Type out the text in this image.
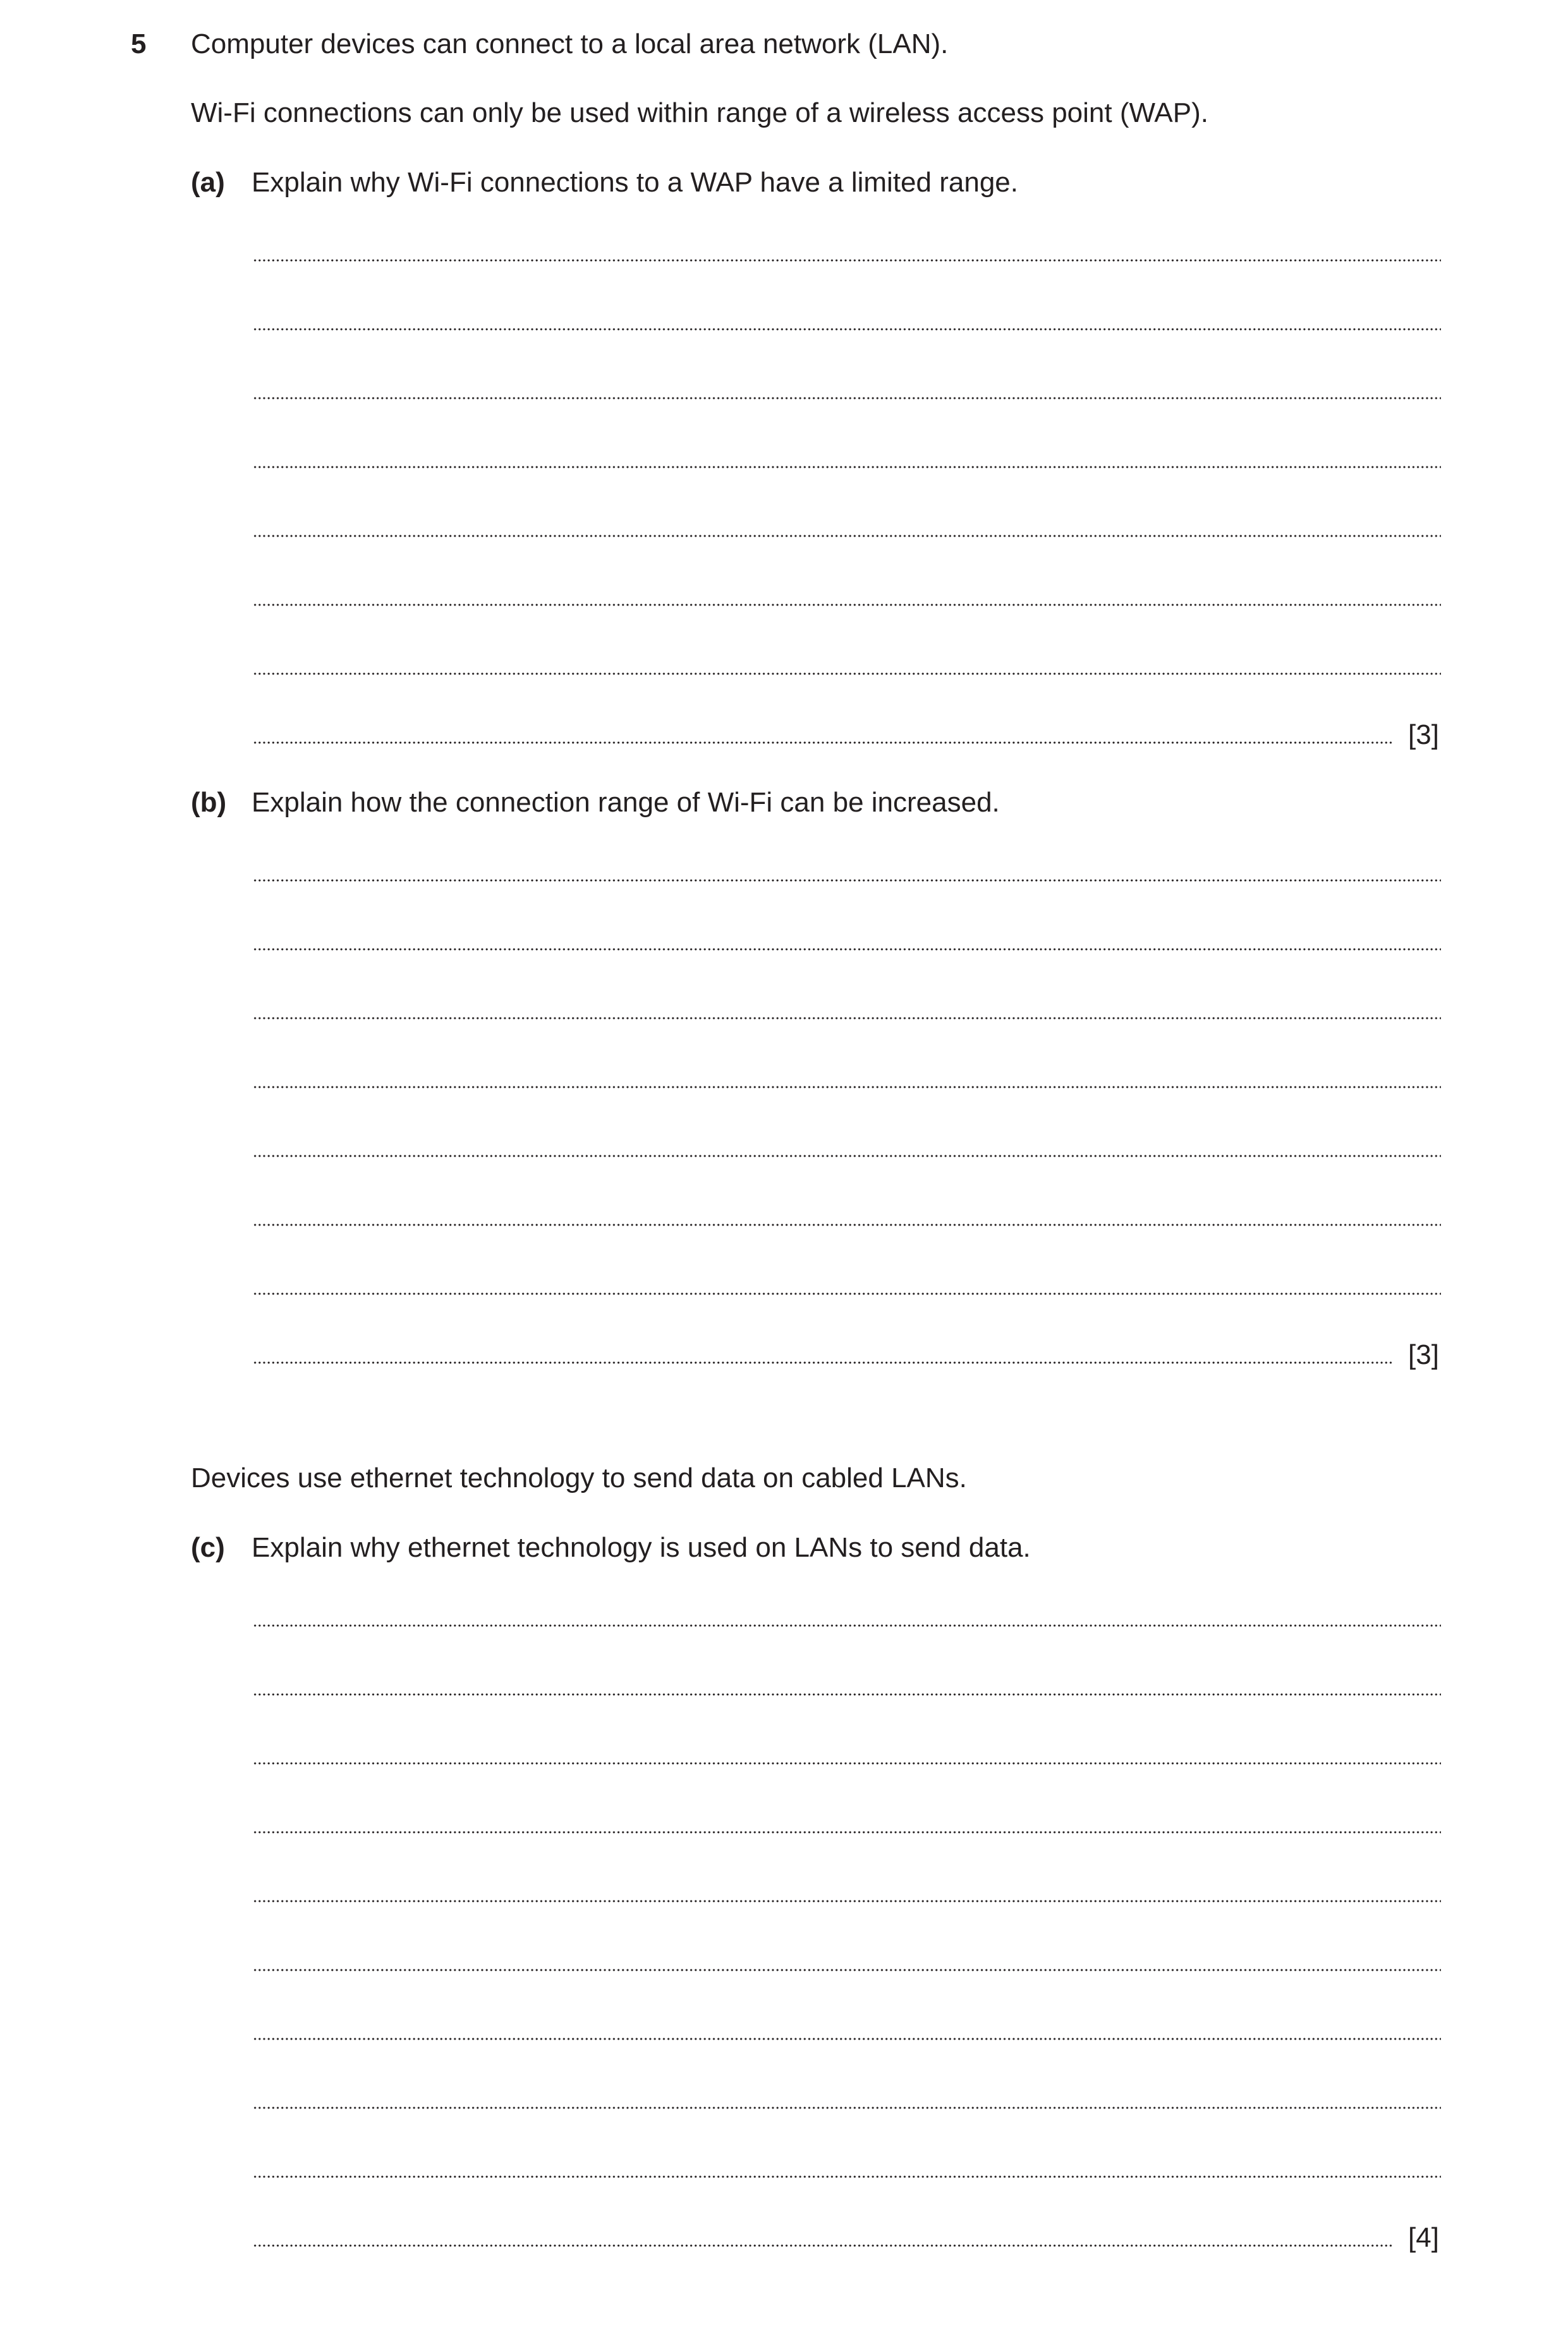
5 Computer devices can connect to a local area network (LAN).
Wi-Fi connections can only be used within range of a wireless access point (WAP).
(a) Explain why Wi-Fi connections to a WAP have a limited range.
[3]
(b) Explain how the connection range of Wi-Fi can be increased.
[3]
Devices use ethernet technology to send data on cabled LANs.
(c) Explain why ethernet technology is used on LANs to send data.
[4]
